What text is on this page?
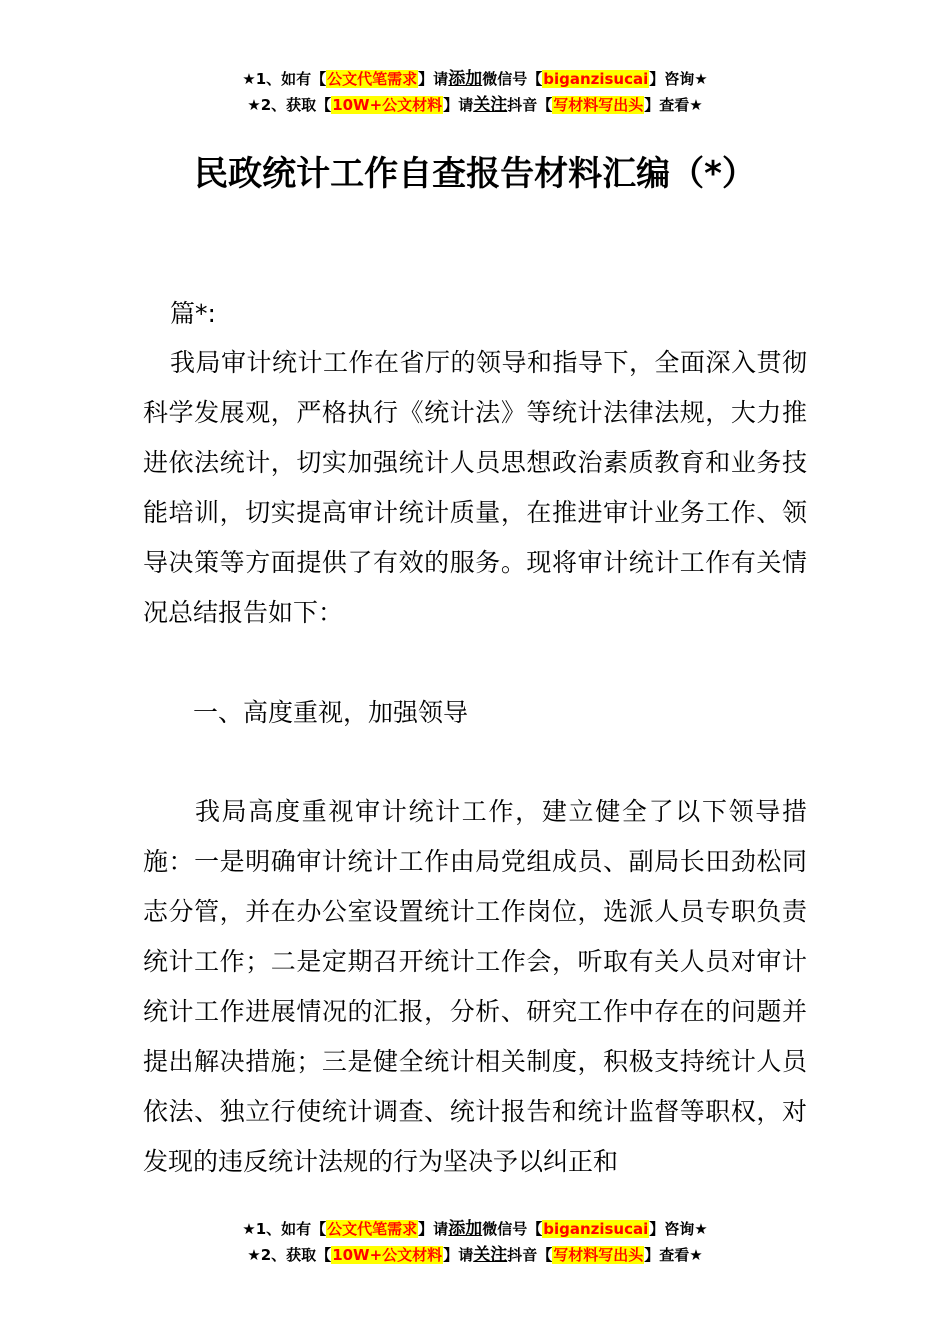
★1、如有【公文代笔需求】请添加微信号【biganzisucai】咨询★
★2、获取【10W+公文材料】请关注抖音【写材料写出头】查看★
民政统计工作自查报告材料汇编（*）

篇*:

我局审计统计工作在省厅的领导和指导下，全面深入贯彻科学发展观，严格执行《统计法》等统计法律法规，大力推进依法统计，切实加强统计人员思想政治素质教育和业务技能培训，切实提高审计统计质量，在推进审计业务工作、领导决策等方面提供了有效的服务。现将审计统计工作有关情况总结报告如下：

一、高度重视，加强领导

我局高度重视审计统计工作，建立健全了以下领导措施：一是明确审计统计工作由局党组成员、副局长田劲松同志分管，并在办公室设置统计工作岗位，选派人员专职负责统计工作；二是定期召开统计工作会，听取有关人员对审计统计工作进展情况的汇报，分析、研究工作中存在的问题并提出解决措施；三是健全统计相关制度，积极支持统计人员依法、独立行使统计调查、统计报告和统计监督等职权，对发现的违反统计法规的行为坚决予以纠正和

★1、如有【公文代笔需求】请添加微信号【biganzisucai】咨询★
★2、获取【10W+公文材料】请关注抖音【写材料写出头】查看★
